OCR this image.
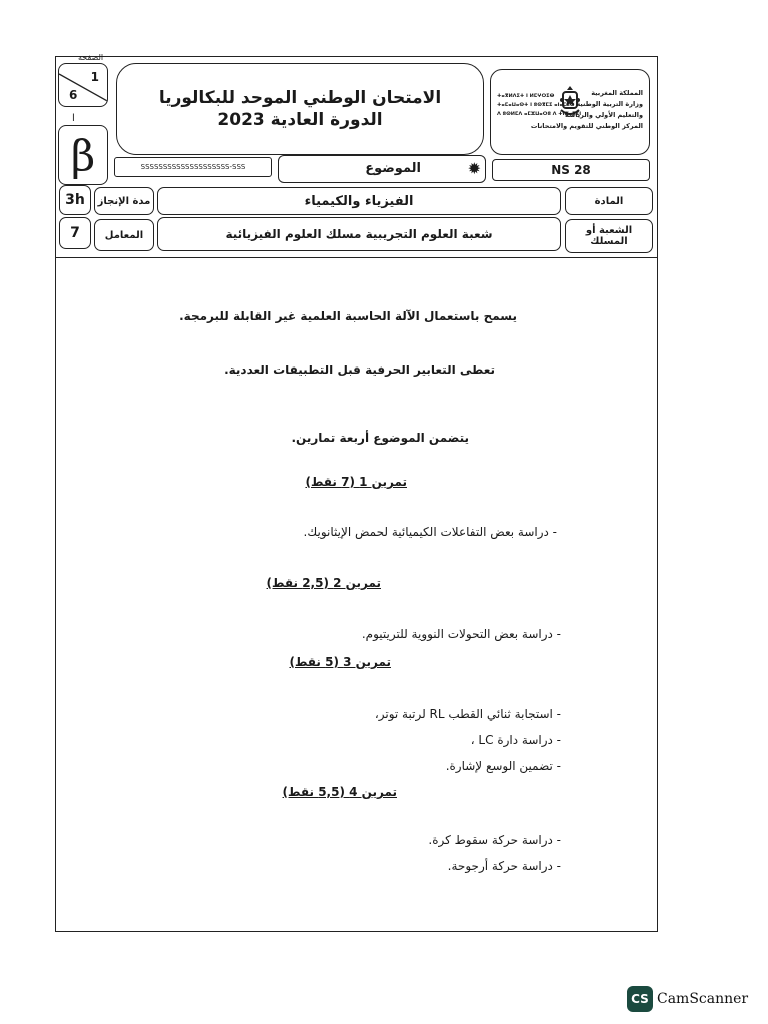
1
6
الصفحة
ا
β
الامتحان الوطني الموحد للبكالوريا
الدورة العادية 2023
المملكة المغربية
وزارة التربية الوطنية
والتعليم الأولي والرياضة
المركز الوطني للتقويم والامتحانات
ⵜⴰⴳⵍⴷⵉⵜ ⵏ ⵍⵎⵖⵔⵉⴱ
ⵜⴰⵎⴰⵡⴰⵙⵜ ⵏ ⵓⵙⴳⵎⵉ ⴰⵏⴰⵎⵓⵔ
ⴷ ⵓⵙⵍⵎⴷ ⴰⵎⵣⵡⴰⵔⵓ ⴷ ⵜⵏⵣⴰⴳⵉⵏ
SSSSSSSSSSSSSSSSSSSS-SSS	الموضوع	✹	NS 28
3h مدة الإنجاز	الفيزياء والكيمياء	المادة
7 المعامل	شعبة العلوم التجريبية مسلك العلوم الفيزيائية	الشعبة أو المسلك
يسمح باستعمال الآلة الحاسبة العلمية غير القابلة للبرمجة.
تعطى التعابير الحرفية قبل التطبيقات العددية.
يتضمن الموضوع أربعة تمارين.
تمرين 1 (7 نقط)
- دراسة بعض التفاعلات الكيميائية لحمض الإيثانويك.
تمرين 2 (2,5 نقط)
- دراسة بعض التحولات النووية للتريتيوم.
تمرين 3 (5 نقط)
- استجابة ثنائي القطب RL لرتبة توتر،
- دراسة دارة LC ،
- تضمين الوسع لإشارة.
تمرين 4 (5,5 نقط)
- دراسة حركة سقوط كرة.
- دراسة حركة أرجوحة.
CS CamScanner
